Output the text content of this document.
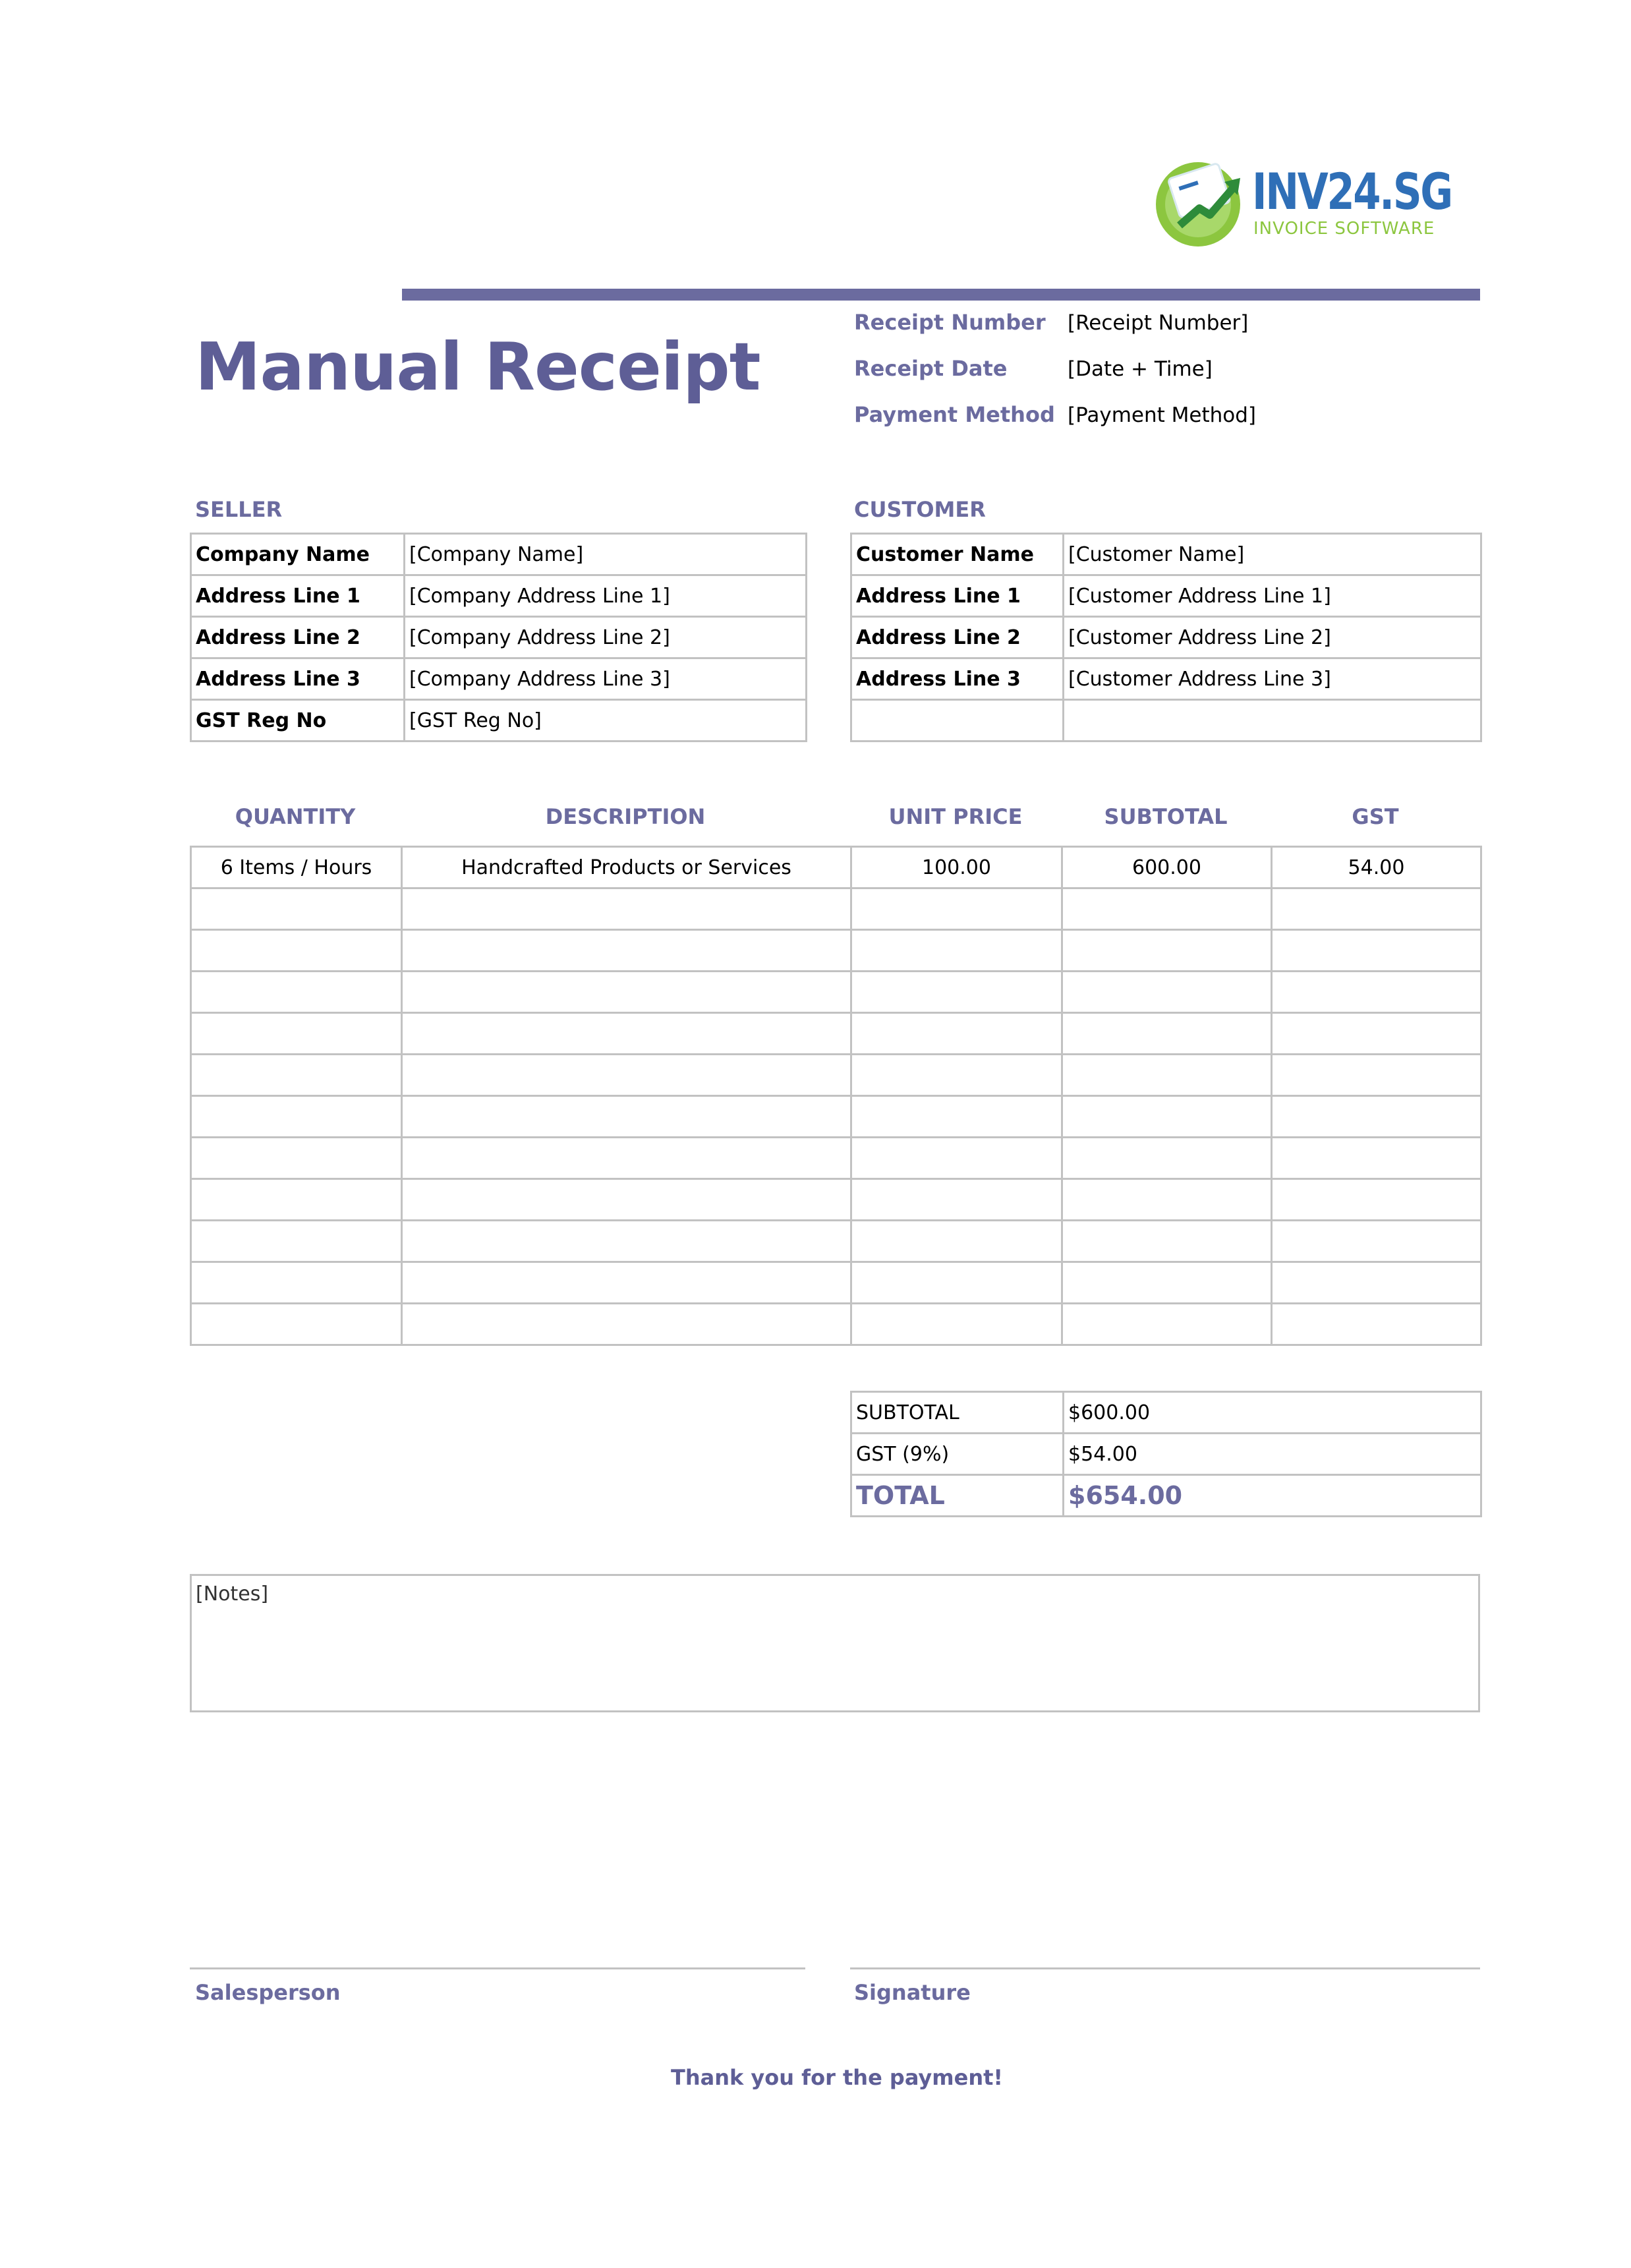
INV24.SG
INVOICE SOFTWARE
Manual Receipt
Receipt Number [Receipt Number]
Receipt Date	[Date + Time]
Payment Method [Payment Method]
SELLER
Company Name	[Company Name]
Address Line 1	[Company Address Line 1]
Address Line 2	[Company Address Line 2]
Address Line 3	[Company Address Line 3]
GST Reg No	[GST Reg No]
CUSTOMER
Customer Name	[Customer Name]
Address Line 1	[Customer Address Line 1]
Address Line 2	[Customer Address Line 2]
Address Line 3	[Customer Address Line 3]

QUANTITY	DESCRIPTION	UNIT PRICE	SUBTOTAL	GST
6 Items / Hours	Handcrafted Products or Services	100.00	600.00	54.00

SUBTOTAL	$600.00
GST (9%)	$54.00
TOTAL	$654.00
[Notes]
Salesperson	Signature
Thank you for the payment!
